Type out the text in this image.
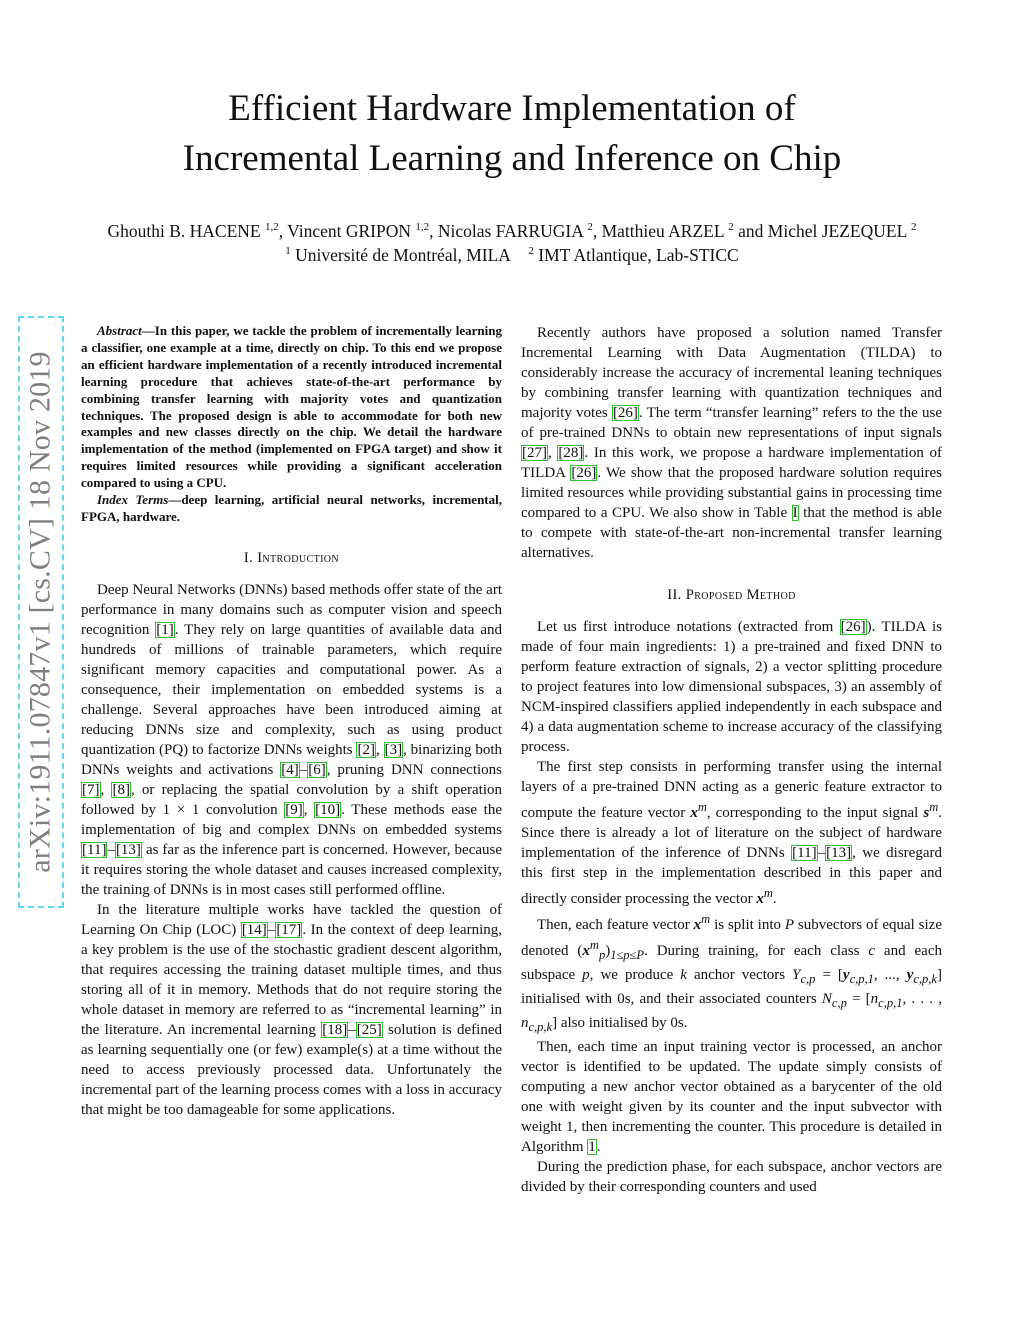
Efficient Hardware Implementation of
Incremental Learning and Inference on Chip
Ghouthi B. HACENE $^{1,2}$, Vincent GRIPON $^{1,2}$, Nicolas FARRUGIA $^2$, Matthieu ARZEL $^2$ and Michel JEZEQUEL $^2$
$^1$ Université de Montréal, MILA $^2$ IMT Atlantique, Lab-STICC
arXiv:1911.07847v1 [cs.CV] 18 Nov 2019

Abstract—In this paper, we tackle the problem of incrementally learning a classifier, one example at a time, directly on chip. To this end we propose an efficient hardware implementation of a recently introduced incremental learning procedure that achieves state-of-the-art performance by combining transfer learning with majority votes and quantization techniques. The proposed design is able to accommodate for both new examples and new classes directly on the chip. We detail the hardware implementation of the method (implemented on FPGA target) and show it requires limited resources while providing a significant acceleration compared to using a CPU.

Index Terms—deep learning, artificial neural networks, incremental, FPGA, hardware.

I. Introduction

Deep Neural Networks (DNNs) based methods offer state of the art performance in many domains such as computer vision and speech recognition [1]. They rely on large quantities of available data and hundreds of millions of trainable parameters, which require significant memory capacities and computational power. As a consequence, their implementation on embedded systems is a challenge. Several approaches have been introduced aiming at reducing DNNs size and complexity, such as using product quantization (PQ) to factorize DNNs weights [2], [3], binarizing both DNNs weights and activations [4]–[6], pruning DNN connections [7], [8], or replacing the spatial convolution by a shift operation followed by 1 × 1 convolution [9], [10]. These methods ease the implementation of big and complex DNNs on embedded systems [11]–[13] as far as the inference part is concerned. However, because it requires storing the whole dataset and causes increased complexity, the training of DNNs is in most cases still performed offline.

In the literature multiple works have tackled the question of Learning On Chip (LOC) [14]–[17]. In the context of deep learning, a key problem is the use of the stochastic gradient descent algorithm, that requires accessing the training dataset multiple times, and thus storing all of it in memory. Methods that do not require storing the whole dataset in memory are referred to as “incremental learning” in the literature. An incremental learning [18]–[25] solution is defined as learning sequentially one (or few) example(s) at a time without the need to access previously processed data. Unfortunately the incremental part of the learning process comes with a loss in accuracy that might be too damageable for some applications.

Recently authors have proposed a solution named Transfer Incremental Learning with Data Augmentation (TILDA) to considerably increase the accuracy of incremental leaning techniques by combining transfer learning with quantization techniques and majority votes [26]. The term “transfer learning” refers to the the use of pre-trained DNNs to obtain new representations of input signals [27], [28]. In this work, we propose a hardware implementation of TILDA [26]. We show that the proposed hardware solution requires limited resources while providing substantial gains in processing time compared to a CPU. We also show in Table I that the method is able to compete with state-of-the-art non-incremental transfer learning alternatives.

II. Proposed Method

Let us first introduce notations (extracted from [26]). TILDA is made of four main ingredients: 1) a pre-trained and fixed DNN to perform feature extraction of signals, 2) a vector splitting procedure to project features into low dimensional subspaces, 3) an assembly of NCM-inspired classifiers applied independently in each subspace and 4) a data augmentation scheme to increase accuracy of the classifying process.

The first step consists in performing transfer using the internal layers of a pre-trained DNN acting as a generic feature extractor to compute the feature vector $x^m$, corresponding to the input signal $s^m$. Since there is already a lot of literature on the subject of hardware implementation of the inference of DNNs [11]–[13], we disregard this first step in the implementation described in this paper and directly consider processing the vector $x^m$.

Then, each feature vector $x^m$ is split into P subvectors of equal size denoted $(x^m_p)_{1\le p\le P}$. During training, for each class c and each subspace p, we produce k anchor vectors $Y_{c,p} = [y_{c,p,1}$, ..., $y_{c,p,k}$] initialised with 0s, and their associated counters $N_{c,p} = [n_{c,p,1}$, . . . , $n_{c,p,k}$] also initialised by 0s.

Then, each time an input training vector is processed, an anchor vector is identified to be updated. The update simply consists of computing a new anchor vector obtained as a barycenter of the old one with weight given by its counter and the input subvector with weight 1, then incrementing the counter. This procedure is detailed in Algorithm 1.

During the prediction phase, for each subspace, anchor vectors are divided by their corresponding counters and used
